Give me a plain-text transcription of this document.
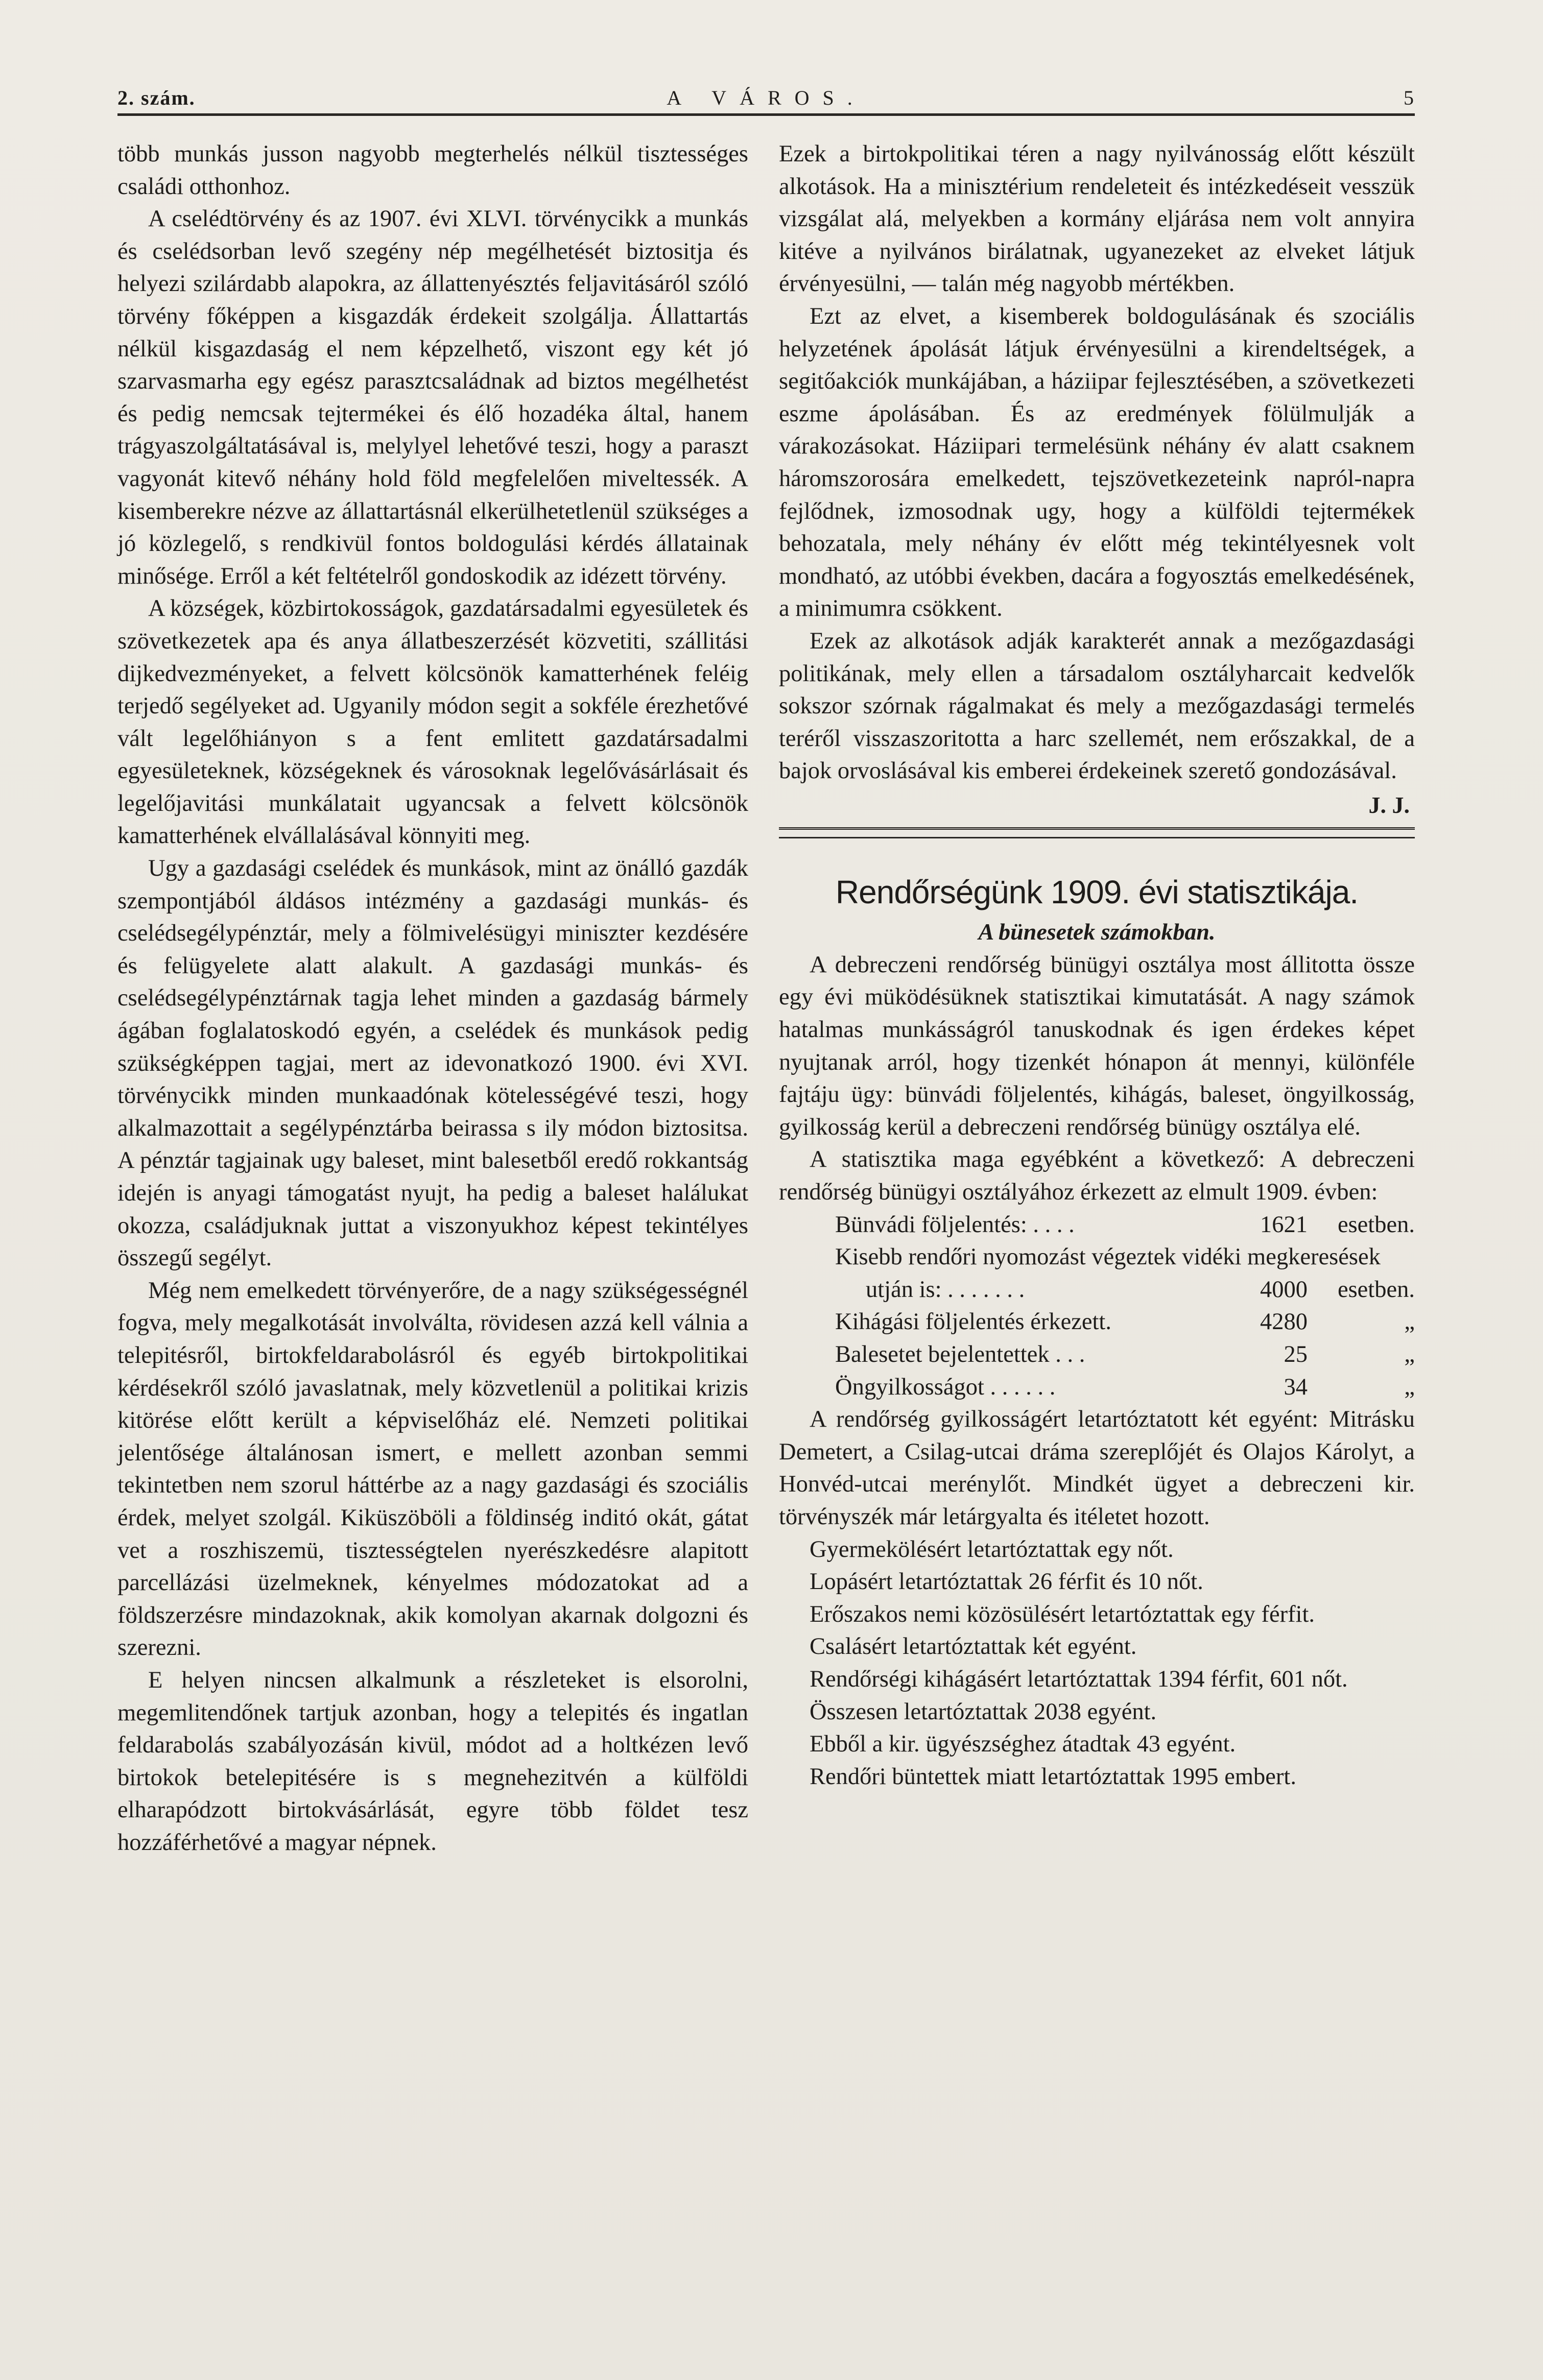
2. szám.	A VÁROS.	5

több munkás jusson nagyobb megterhelés nélkül tisztességes családi otthonhoz.

A cselédtörvény és az 1907. évi XLVI. törvénycikk a munkás és cselédsorban levő szegény nép megélhetését biztositja és helyezi szilárdabb alapokra, az állattenyésztés feljavitásáról szóló törvény főképpen a kisgazdák érdekeit szolgálja. Állattartás nélkül kisgazdaság el nem képzelhető, viszont egy két jó szarvasmarha egy egész parasztcsaládnak ad biztos megélhetést és pedig nemcsak tejtermékei és élő hozadéka által, hanem trágyaszolgáltatásával is, melylyel lehetővé teszi, hogy a paraszt vagyonát kitevő néhány hold föld megfelelően miveltessék. A kisemberekre nézve az állattartásnál elkerülhetetlenül szükséges a jó közlegelő, s rendkivül fontos boldogulási kérdés állatainak minősége. Erről a két feltételről gondoskodik az idézett törvény.

A községek, közbirtokosságok, gazdatársadalmi egyesületek és szövetkezetek apa és anya állatbeszerzését közvetiti, szállitási dijkedvezményeket, a felvett kölcsönök kamatterhének feléig terjedő segélyeket ad. Ugyanily módon segit a sokféle érezhetővé vált legelőhiányon s a fent emlitett gazdatársadalmi egyesületeknek, községeknek és városoknak legelővásárlásait és legelőjavitási munkálatait ugyancsak a felvett kölcsönök kamatterhének elvállalásával könnyiti meg.

Ugy a gazdasági cselédek és munkások, mint az önálló gazdák szempontjából áldásos intézmény a gazdasági munkás- és cselédsegélypénztár, mely a fölmivelésügyi miniszter kezdésére és felügyelete alatt alakult. A gazdasági munkás- és cselédsegélypénztárnak tagja lehet minden a gazdaság bármely ágában foglalatoskodó egyén, a cselédek és munkások pedig szükségképpen tagjai, mert az idevonatkozó 1900. évi XVI. törvénycikk minden munkaadónak kötelességévé teszi, hogy alkalmazottait a segélypénztárba beirassa s ily módon biztositsa. A pénztár tagjainak ugy baleset, mint balesetből eredő rokkantság idején is anyagi támogatást nyujt, ha pedig a baleset halálukat okozza, családjuknak juttat a viszonyukhoz képest tekintélyes összegű segélyt.

Még nem emelkedett törvényerőre, de a nagy szükségességnél fogva, mely megalkotását involválta, rövidesen azzá kell válnia a telepitésről, birtokfeldarabolásról és egyéb birtokpolitikai kérdésekről szóló javaslatnak, mely közvetlenül a politikai krizis kitörése előtt került a képviselőház elé. Nemzeti politikai jelentősége általánosan ismert, e mellett azonban semmi tekintetben nem szorul háttérbe az a nagy gazdasági és szociális érdek, melyet szolgál. Kiküszöböli a földinség inditó okát, gátat vet a roszhiszemü, tisztességtelen nyerészkedésre alapitott parcellázási üzelmeknek, kényelmes módozatokat ad a földszerzésre mindazoknak, akik komolyan akarnak dolgozni és szerezni.

E helyen nincsen alkalmunk a részleteket is elsorolni, megemlitendőnek tartjuk azonban, hogy a telepités és ingatlan feldarabolás szabályozásán kivül, módot ad a holtkézen levő birtokok betelepitésére is s megnehezitvén a külföldi elharapódzott birtokvásárlását, egyre több földet tesz hozzáférhetővé a magyar népnek.

Ezek a birtokpolitikai téren a nagy nyilvánosság előtt készült alkotások. Ha a minisztérium rendeleteit és intézkedéseit vesszük vizsgálat alá, melyekben a kormány eljárása nem volt annyira kitéve a nyilvános birálatnak, ugyanezeket az elveket látjuk érvényesülni, — talán még nagyobb mértékben.

Ezt az elvet, a kisemberek boldogulásának és szociális helyzetének ápolását látjuk érvényesülni a kirendeltségek, a segitőakciók munkájában, a háziipar fejlesztésében, a szövetkezeti eszme ápolásában. És az eredmények fölülmulják a várakozásokat. Háziipari termelésünk néhány év alatt csaknem háromszorosára emelkedett, tejszövetkezeteink napról-napra fejlődnek, izmosodnak ugy, hogy a külföldi tejtermékek behozatala, mely néhány év előtt még tekintélyesnek volt mondható, az utóbbi években, dacára a fogyosztás emelkedésének, a minimumra csökkent.

Ezek az alkotások adják karakterét annak a mezőgazdasági politikának, mely ellen a társadalom osztályharcait kedvelők sokszor szórnak rágalmakat és mely a mezőgazdasági termelés teréről visszaszoritotta a harc szellemét, nem erőszakkal, de a bajok orvoslásával kis emberei érdekeinek szerető gondozásával.

J. J.

Rendőrségünk 1909. évi statisztikája.
A bünesetek számokban.

A debreczeni rendőrség bünügyi osztálya most állitotta össze egy évi müködésüknek statisztikai kimutatását. A nagy számok hatalmas munkásságról tanuskodnak és igen érdekes képet nyujtanak arról, hogy tizenkét hónapon át mennyi, különféle fajtáju ügy: bünvádi följelentés, kihágás, baleset, öngyilkosság, gyilkosság kerül a debreczeni rendőrség bünügy osztálya elé.

A statisztika maga egyébként a következő: A debreczeni rendőrség bünügyi osztályához érkezett az elmult 1909. évben:

Bünvádi följelentés: . . . .	1621	esetben.
Kisebb rendőri nyomozást végeztek vidéki megkeresések
utján is: . . . . . . .	4000	esetben.
Kihágási följelentés érkezett.	4280	„
Balesetet bejelentettek . . .	25	„
Öngyilkosságot . . . . . .	34	„

A rendőrség gyilkosságért letartóztatott két egyént: Mitrásku Demetert, a Csilag-utcai dráma szereplőjét és Olajos Károlyt, a Honvéd-utcai merénylőt. Mindkét ügyet a debreczeni kir. törvényszék már letárgyalta és itéletet hozott.

Gyermekölésért letartóztattak egy nőt.

Lopásért letartóztattak 26 férfit és 10 nőt.

Erőszakos nemi közösülésért letartóztattak egy férfit.

Csalásért letartóztattak két egyént.

Rendőrségi kihágásért letartóztattak 1394 férfit, 601 nőt.

Összesen letartóztattak 2038 egyént.

Ebből a kir. ügyészséghez átadtak 43 egyént.

Rendőri büntettek miatt letartóztattak 1995 embert.
